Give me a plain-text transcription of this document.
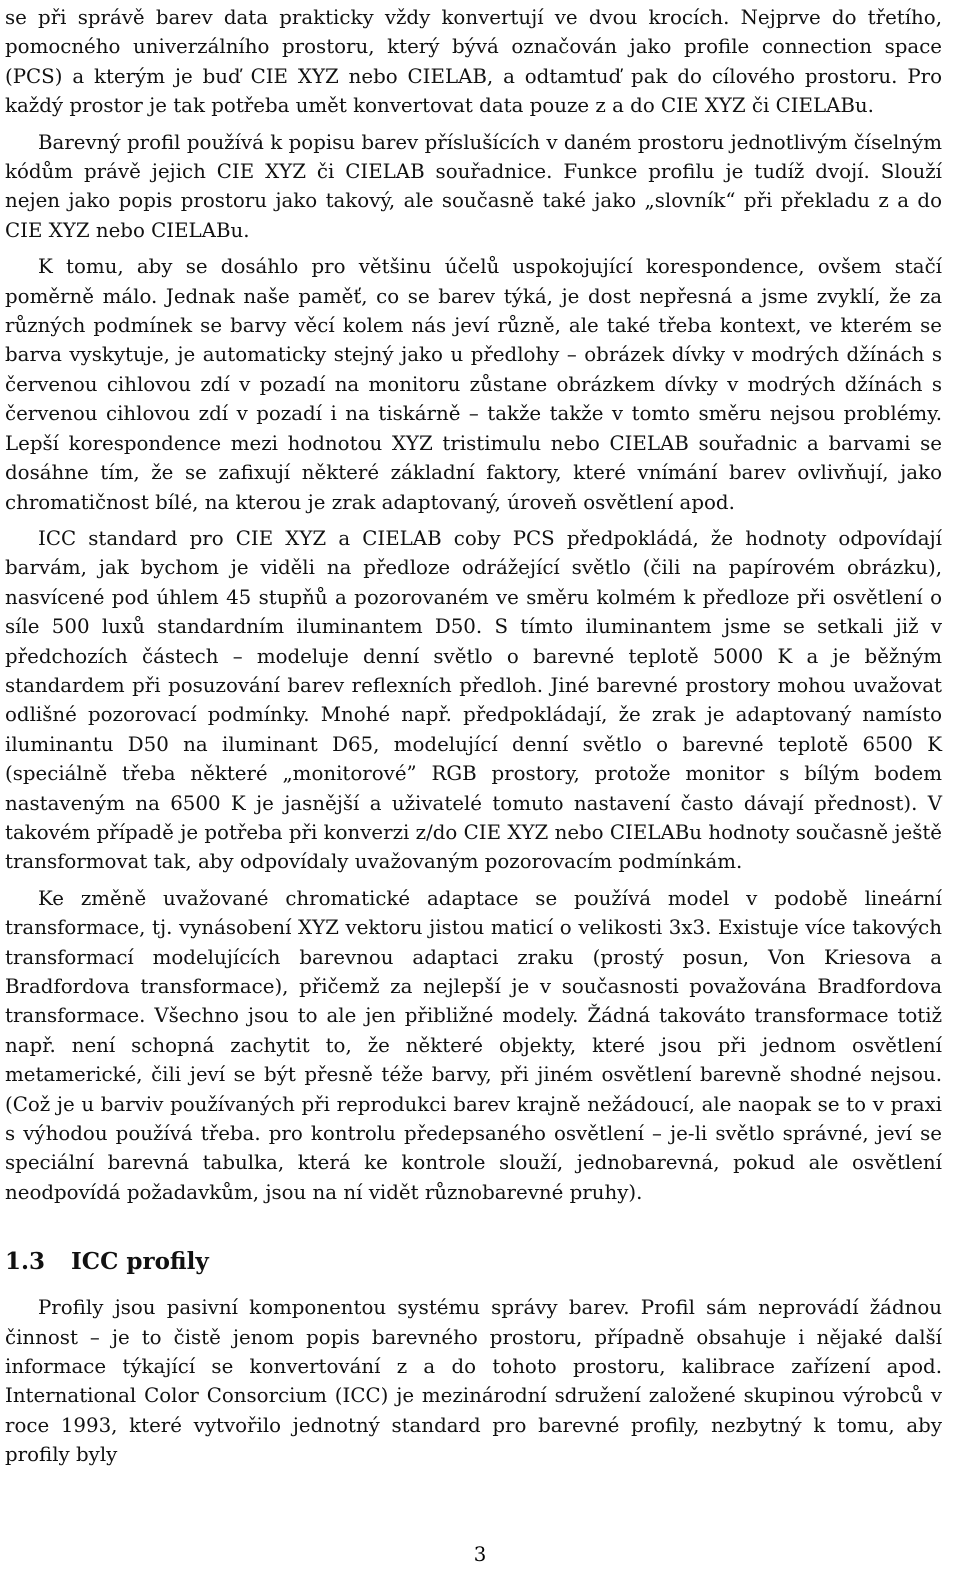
se při správě barev data prakticky vždy konvertují ve dvou krocích. Nejprve do třetího, pomocného univerzálního prostoru, který bývá označován jako profile connection space (PCS) a kterým je buď CIE XYZ nebo CIELAB, a odtamtuď pak do cílového prostoru. Pro každý prostor je tak potřeba umět konvertovat data pouze z a do CIE XYZ či CIELABu.

Barevný profil používá k popisu barev příslušících v daném prostoru jednotlivým číselným kódům právě jejich CIE XYZ či CIELAB souřadnice. Funkce profilu je tudíž dvojí. Slouží nejen jako popis prostoru jako takový, ale současně také jako „slovník“ při překladu z a do CIE XYZ nebo CIELABu.

K tomu, aby se dosáhlo pro většinu účelů uspokojující korespondence, ovšem stačí poměrně málo. Jednak naše paměť, co se barev týká, je dost nepřesná a jsme zvyklí, že za různých podmínek se barvy věcí kolem nás jeví různě, ale také třeba kontext, ve kterém se barva vyskytuje, je automaticky stejný jako u předlohy – obrázek dívky v modrých džínách s červenou cihlovou zdí v pozadí na monitoru zůstane obrázkem dívky v modrých džínách s červenou cihlovou zdí v pozadí i na tiskárně – takže takže v tomto směru nejsou problémy. Lepší korespondence mezi hodnotou XYZ tristimulu nebo CIELAB souřadnic a barvami se dosáhne tím, že se zafixují některé základní faktory, které vnímání barev ovlivňují, jako chromatičnost bílé, na kterou je zrak adaptovaný, úroveň osvětlení apod.

ICC standard pro CIE XYZ a CIELAB coby PCS předpokládá, že hodnoty odpovídají barvám, jak bychom je viděli na předloze odrážející světlo (čili na papírovém obrázku), nasvícené pod úhlem 45 stupňů a pozorovaném ve směru kolmém k předloze při osvětlení o síle 500 luxů standardním iluminantem D50. S tímto iluminantem jsme se setkali již v předchozích částech – modeluje denní světlo o barevné teplotě 5000 K a je běžným standardem při posuzování barev reflexních předloh. Jiné barevné prostory mohou uvažovat odlišné pozorovací podmínky. Mnohé např. předpokládají, že zrak je adaptovaný namísto iluminantu D50 na iluminant D65, modelující denní světlo o barevné teplotě 6500 K (speciálně třeba některé „monitorové” RGB prostory, protože monitor s bílým bodem nastaveným na 6500 K je jasnější a uživatelé tomuto nastavení často dávají přednost). V takovém případě je potřeba při konverzi z/do CIE XYZ nebo CIELABu hodnoty současně ještě transformovat tak, aby odpovídaly uvažovaným pozorovacím podmínkám.

Ke změně uvažované chromatické adaptace se používá model v podobě lineární transformace, tj. vynásobení XYZ vektoru jistou maticí o velikosti 3x3. Existuje více takových transformací modelujících barevnou adaptaci zraku (prostý posun, Von Kriesova a Bradfordova transformace), přičemž za nejlepší je v současnosti považována Bradfordova transformace. Všechno jsou to ale jen přibližné modely. Žádná takováto transformace totiž např. není schopná zachytit to, že některé objekty, které jsou při jednom osvětlení metamerické, čili jeví se být přesně téže barvy, při jiném osvětlení barevně shodné nejsou. (Což je u barviv používaných při reprodukci barev krajně nežádoucí, ale naopak se to v praxi s výhodou používá třeba. pro kontrolu předepsaného osvětlení – je-li světlo správné, jeví se speciální barevná tabulka, která ke kontrole slouží, jednobarevná, pokud ale osvětlení neodpovídá požadavkům, jsou na ní vidět různobarevné pruhy).

1.3 ICC profily

Profily jsou pasivní komponentou systému správy barev. Profil sám neprovádí žádnou činnost – je to čistě jenom popis barevného prostoru, případně obsahuje i nějaké další informace týkající se konvertování z a do tohoto prostoru, kalibrace zařízení apod. International Color Consorcium (ICC) je mezinárodní sdružení založené skupinou výrobců v roce 1993, které vytvořilo jednotný standard pro barevné profily, nezbytný k tomu, aby profily byly

3
